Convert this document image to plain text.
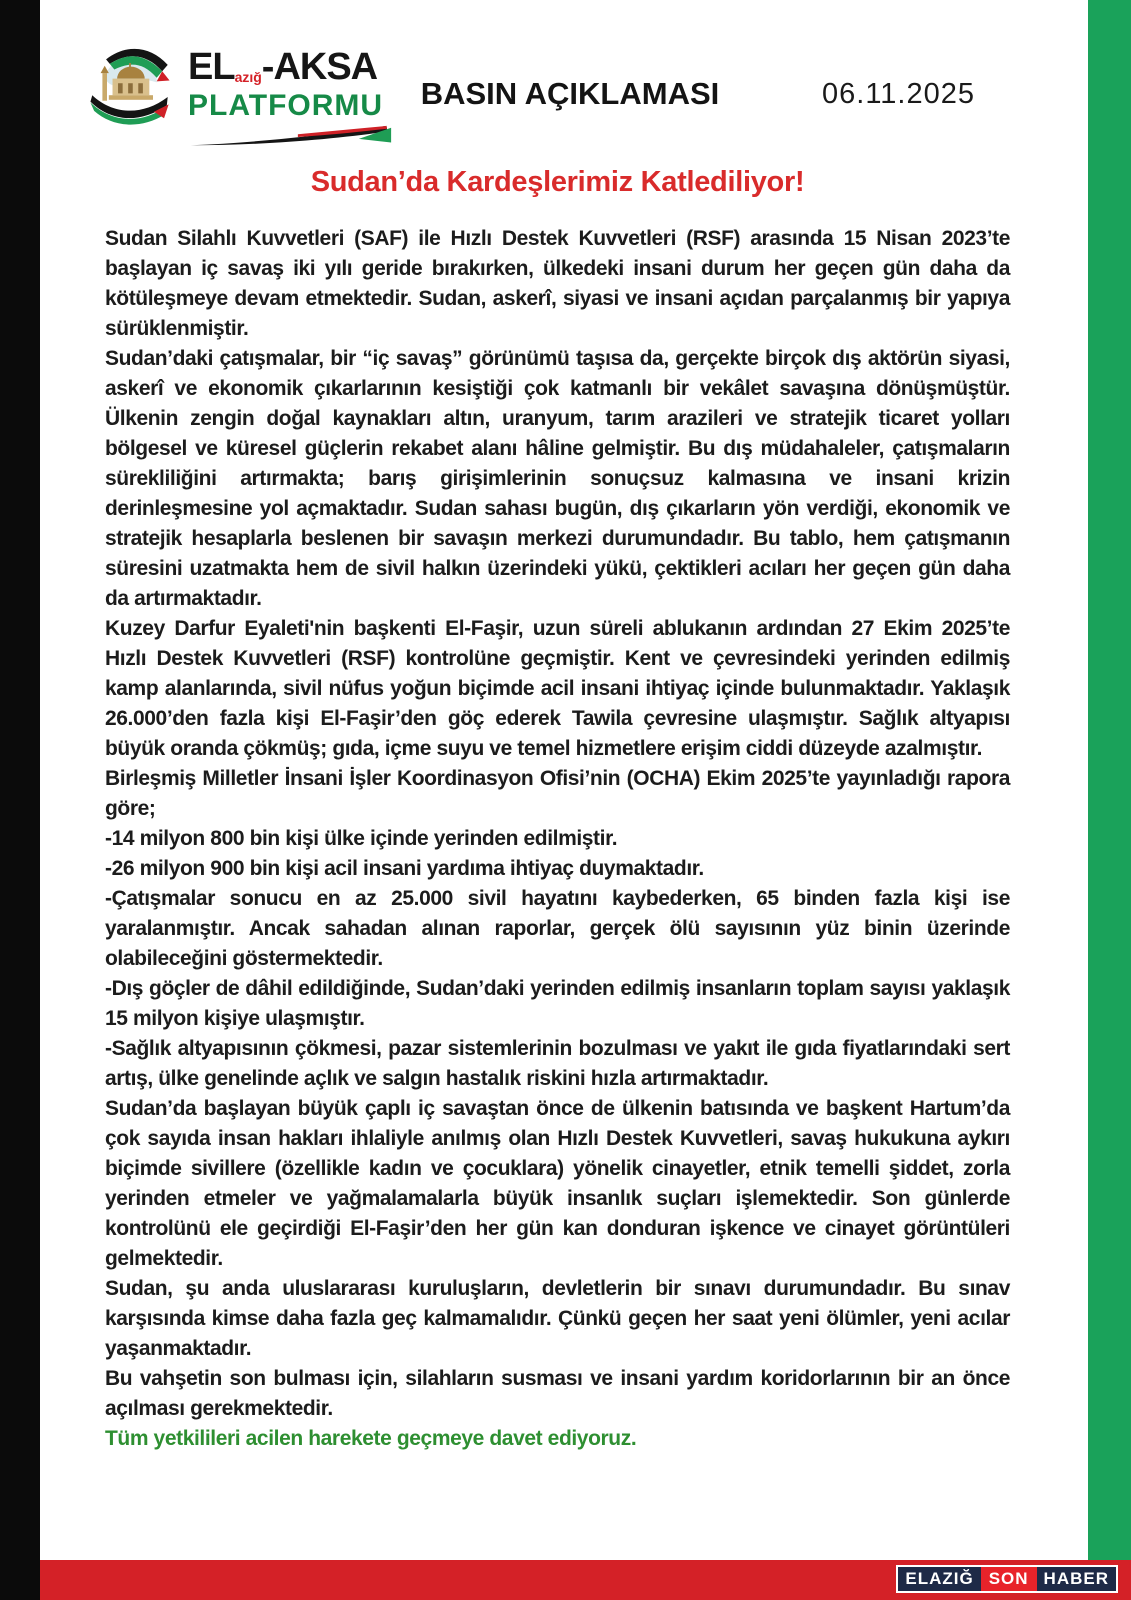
ELazığ-AKSA
PLATFORMU	BASIN AÇIKLAMASI	06.11.2025
Sudan’da Kardeşlerimiz Katlediliyor!

Sudan Silahlı Kuvvetleri (SAF) ile Hızlı Destek Kuvvetleri (RSF) arasında 15 Nisan 2023’te başlayan iç savaş iki yılı geride bırakırken, ülkedeki insani durum her geçen gün daha da kötüleşmeye devam etmektedir. Sudan, askerî, siyasi ve insani açıdan parçalanmış bir yapıya sürüklenmiştir.

Sudan’daki çatışmalar, bir “iç savaş” görünümü taşısa da, gerçekte birçok dış aktörün siyasi, askerî ve ekonomik çıkarlarının kesiştiği çok katmanlı bir vekâlet savaşına dönüşmüştür. Ülkenin zengin doğal kaynakları altın, uranyum, tarım arazileri ve stratejik ticaret yolları bölgesel ve küresel güçlerin rekabet alanı hâline gelmiştir. Bu dış müdahaleler, çatışmaların sürekliliğini artırmakta; barış girişimlerinin sonuçsuz kalmasına ve insani krizin derinleşmesine yol açmaktadır. Sudan sahası bugün, dış çıkarların yön verdiği, ekonomik ve stratejik hesaplarla beslenen bir savaşın merkezi durumundadır. Bu tablo, hem çatışmanın süresini uzatmakta hem de sivil halkın üzerindeki yükü, çektikleri acıları her geçen gün daha da artırmaktadır.

Kuzey Darfur Eyaleti'nin başkenti El-Faşir, uzun süreli ablukanın ardından 27 Ekim 2025’te Hızlı Destek Kuvvetleri (RSF) kontrolüne geçmiştir. Kent ve çevresindeki yerinden edilmiş kamp alanlarında, sivil nüfus yoğun biçimde acil insani ihtiyaç içinde bulunmaktadır. Yaklaşık 26.000’den fazla kişi El-Faşir’den göç ederek Tawila çevresine ulaşmıştır. Sağlık altyapısı büyük oranda çökmüş; gıda, içme suyu ve temel hizmetlere erişim ciddi düzeyde azalmıştır.

Birleşmiş Milletler İnsani İşler Koordinasyon Ofisi’nin (OCHA) Ekim 2025’te yayınladığı rapora göre;

-14 milyon 800 bin kişi ülke içinde yerinden edilmiştir.

-26 milyon 900 bin kişi acil insani yardıma ihtiyaç duymaktadır.

-Çatışmalar sonucu en az 25.000 sivil hayatını kaybederken, 65 binden fazla kişi ise yaralanmıştır. Ancak sahadan alınan raporlar, gerçek ölü sayısının yüz binin üzerinde olabileceğini göstermektedir.

-Dış göçler de dâhil edildiğinde, Sudan’daki yerinden edilmiş insanların toplam sayısı yaklaşık 15 milyon kişiye ulaşmıştır.

-Sağlık altyapısının çökmesi, pazar sistemlerinin bozulması ve yakıt ile gıda fiyatlarındaki sert artış, ülke genelinde açlık ve salgın hastalık riskini hızla artırmaktadır.

Sudan’da başlayan büyük çaplı iç savaştan önce de ülkenin batısında ve başkent Hartum’da çok sayıda insan hakları ihlaliyle anılmış olan Hızlı Destek Kuvvetleri, savaş hukukuna aykırı biçimde sivillere (özellikle kadın ve çocuklara) yönelik cinayetler, etnik temelli şiddet, zorla yerinden etmeler ve yağmalamalarla büyük insanlık suçları işlemektedir. Son günlerde kontrolünü ele geçirdiği El-Faşir’den her gün kan donduran işkence ve cinayet görüntüleri gelmektedir.

Sudan, şu anda uluslararası kuruluşların, devletlerin bir sınavı durumundadır. Bu sınav karşısında kimse daha fazla geç kalmamalıdır. Çünkü geçen her saat yeni ölümler, yeni acılar yaşanmaktadır.

Bu vahşetin son bulması için, silahların susması ve insani yardım koridorlarının bir an önce açılması gerekmektedir.

Tüm yetkilileri acilen harekete geçmeye davet ediyoruz.

ELAZIĞ SON HABER
